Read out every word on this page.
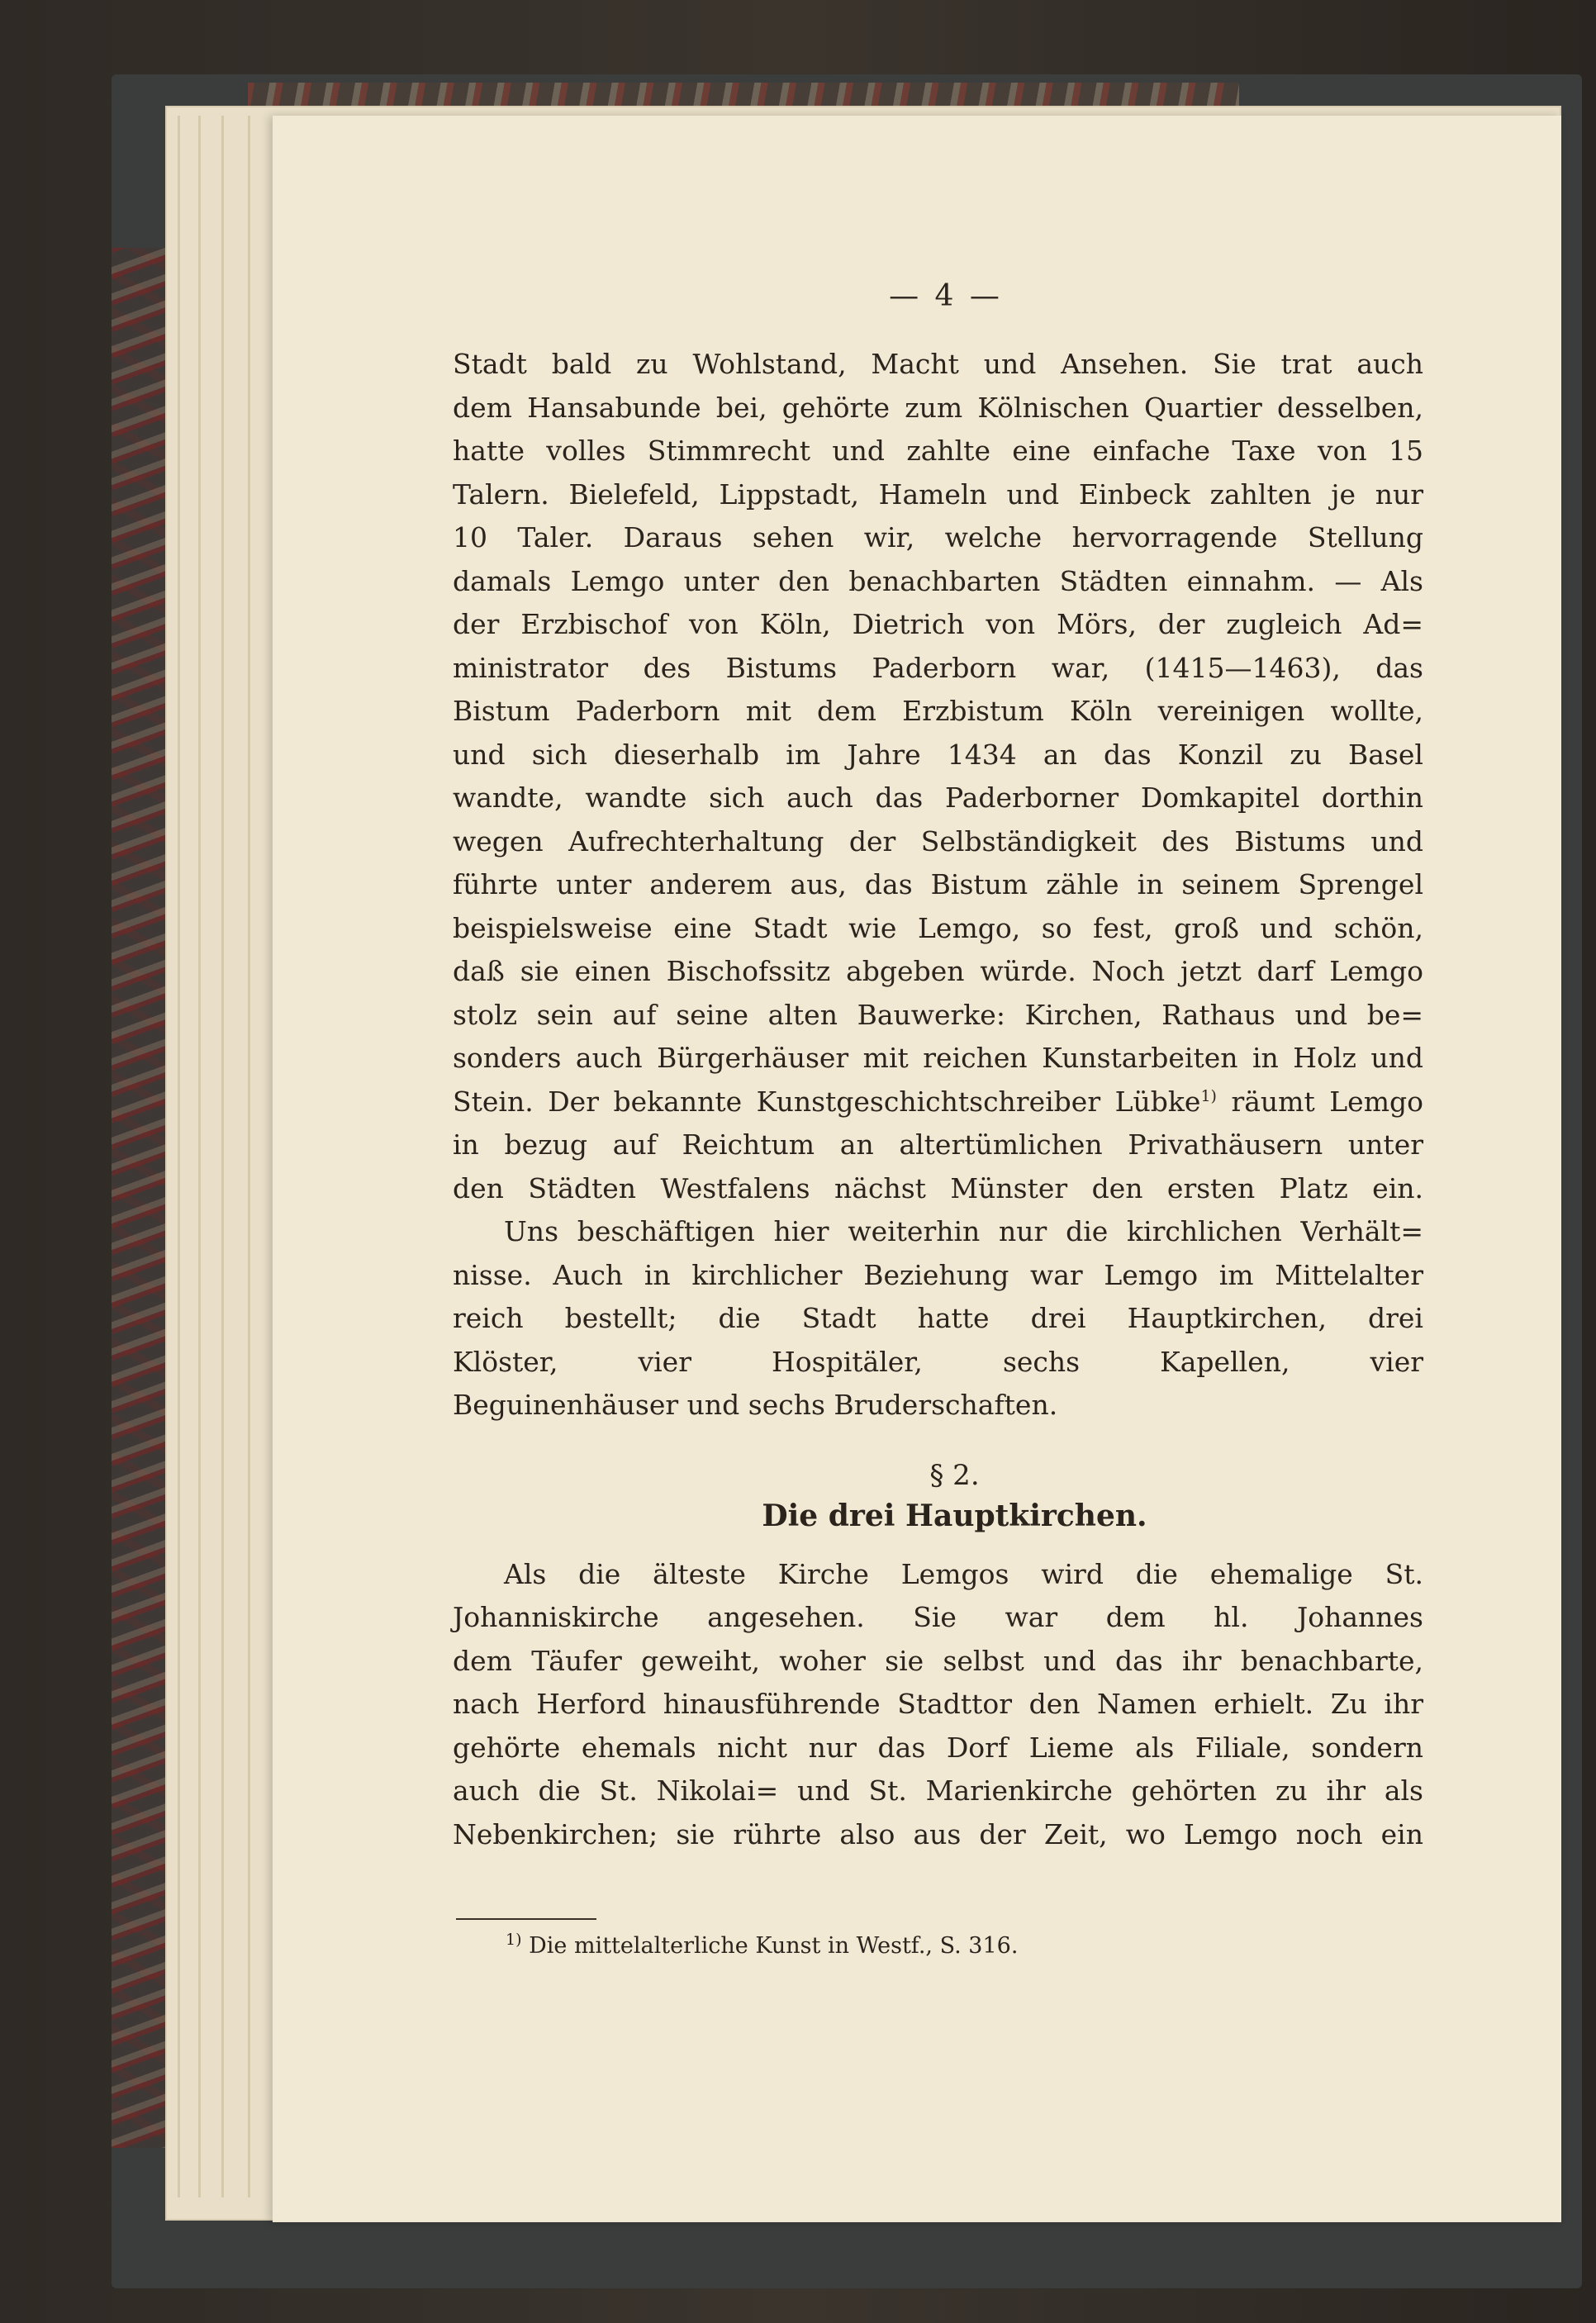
— 4 —

Stadt bald zu Wohlstand, Macht und Ansehen. Sie trat auch
dem Hansabunde bei, gehörte zum Kölnischen Quartier desselben,
hatte volles Stimmrecht und zahlte eine einfache Taxe von 15
Talern. Bielefeld, Lippstadt, Hameln und Einbeck zahlten je nur
10 Taler. Daraus sehen wir, welche hervorragende Stellung
damals Lemgo unter den benachbarten Städten einnahm. — Als
der Erzbischof von Köln, Dietrich von Mörs, der zugleich Ad=
ministrator des Bistums Paderborn war, (1415—1463), das
Bistum Paderborn mit dem Erzbistum Köln vereinigen wollte,
und sich dieserhalb im Jahre 1434 an das Konzil zu Basel
wandte, wandte sich auch das Paderborner Domkapitel dorthin
wegen Aufrechterhaltung der Selbständigkeit des Bistums und
führte unter anderem aus, das Bistum zähle in seinem Sprengel
beispielsweise eine Stadt wie Lemgo, so fest, groß und schön,
daß sie einen Bischofssitz abgeben würde. Noch jetzt darf Lemgo
stolz sein auf seine alten Bauwerke: Kirchen, Rathaus und be=
sonders auch Bürgerhäuser mit reichen Kunstarbeiten in Holz und
Stein. Der bekannte Kunstgeschichtschreiber Lübke$^{1)}$ räumt Lemgo
in bezug auf Reichtum an altertümlichen Privathäusern unter
den Städten Westfalens nächst Münster den ersten Platz ein.

Uns beschäftigen hier weiterhin nur die kirchlichen Verhält=
nisse. Auch in kirchlicher Beziehung war Lemgo im Mittelalter
reich bestellt; die Stadt hatte drei Hauptkirchen, drei
Klöster, vier Hospitäler, sechs Kapellen, vier
Beguinenhäuser und sechs Bruderschaften.

§ 2.
Die drei Hauptkirchen.

Als die älteste Kirche Lemgos wird die ehemalige St.
Johanniskirche angesehen. Sie war dem hl. Johannes
dem Täufer geweiht, woher sie selbst und das ihr benachbarte,
nach Herford hinausführende Stadttor den Namen erhielt. Zu ihr
gehörte ehemals nicht nur das Dorf Lieme als Filiale, sondern
auch die St. Nikolai= und St. Marienkirche gehörten zu ihr als
Nebenkirchen; sie rührte also aus der Zeit, wo Lemgo noch ein

$^{1)}$ Die mittelalterliche Kunst in Westf., S. 316.
